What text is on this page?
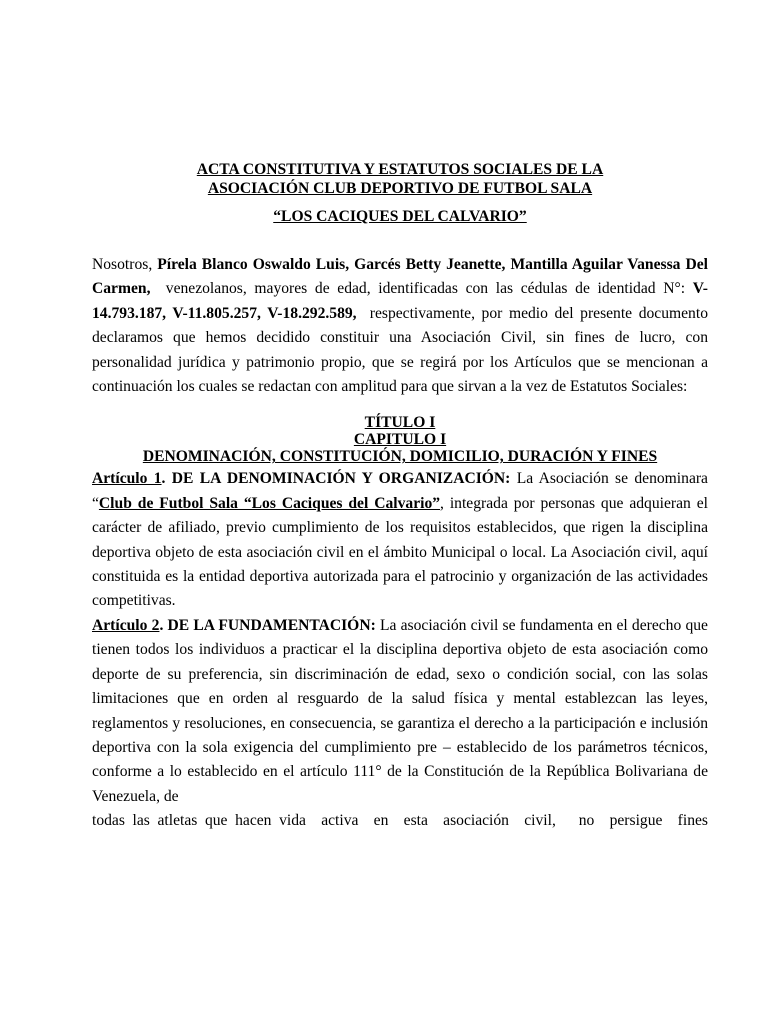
ACTA CONSTITUTIVA Y ESTATUTOS SOCIALES DE LA
ASOCIACIÓN CLUB DEPORTIVO DE FUTBOL SALA

“LOS CACIQUES DEL CALVARIO”

Nosotros, Pírela Blanco Oswaldo Luis, Garcés Betty Jeanette, Mantilla Aguilar Vanessa Del Carmen,  venezolanos, mayores de edad, identificadas con las cédulas de identidad N°: V-14.793.187, V-11.805.257, V-18.292.589,  respectivamente, por medio del presente documento declaramos que hemos decidido constituir una Asociación Civil, sin fines de lucro, con personalidad jurídica y patrimonio propio, que se regirá por los Artículos que se mencionan a continuación los cuales se redactan con amplitud para que sirvan a la vez de Estatutos Sociales:

TÍTULO I
CAPITULO I
DENOMINACIÓN, CONSTITUCIÓN, DOMICILIO, DURACIÓN Y FINES

Artículo 1. DE LA DENOMINACIÓN Y ORGANIZACIÓN: La Asociación se denominara “Club de Futbol Sala “Los Caciques del Calvario”, integrada por personas que adquieran el carácter de afiliado, previo cumplimiento de los requisitos establecidos, que rigen la disciplina deportiva objeto de esta asociación civil en el ámbito Municipal o local. La Asociación civil, aquí constituida es la entidad deportiva autorizada para el patrocinio y organización de las actividades competitivas.

Artículo 2. DE LA FUNDAMENTACIÓN: La asociación civil se fundamenta en el derecho que tienen todos los individuos a practicar el la disciplina deportiva objeto de esta asociación como deporte de su preferencia, sin discriminación de edad, sexo o condición social, con las solas limitaciones que en orden al resguardo de la salud física y mental establezcan las leyes, reglamentos y resoluciones, en consecuencia, se garantiza el derecho a la participación e inclusión deportiva con la sola exigencia del cumplimiento pre – establecido de los parámetros técnicos, conforme a lo establecido en el artículo 111° de la Constitución de la República Bolivariana de Venezuela, de

todas las atletas que hacen vida  activa  en  esta  asociación  civil,   no  persigue  fines
